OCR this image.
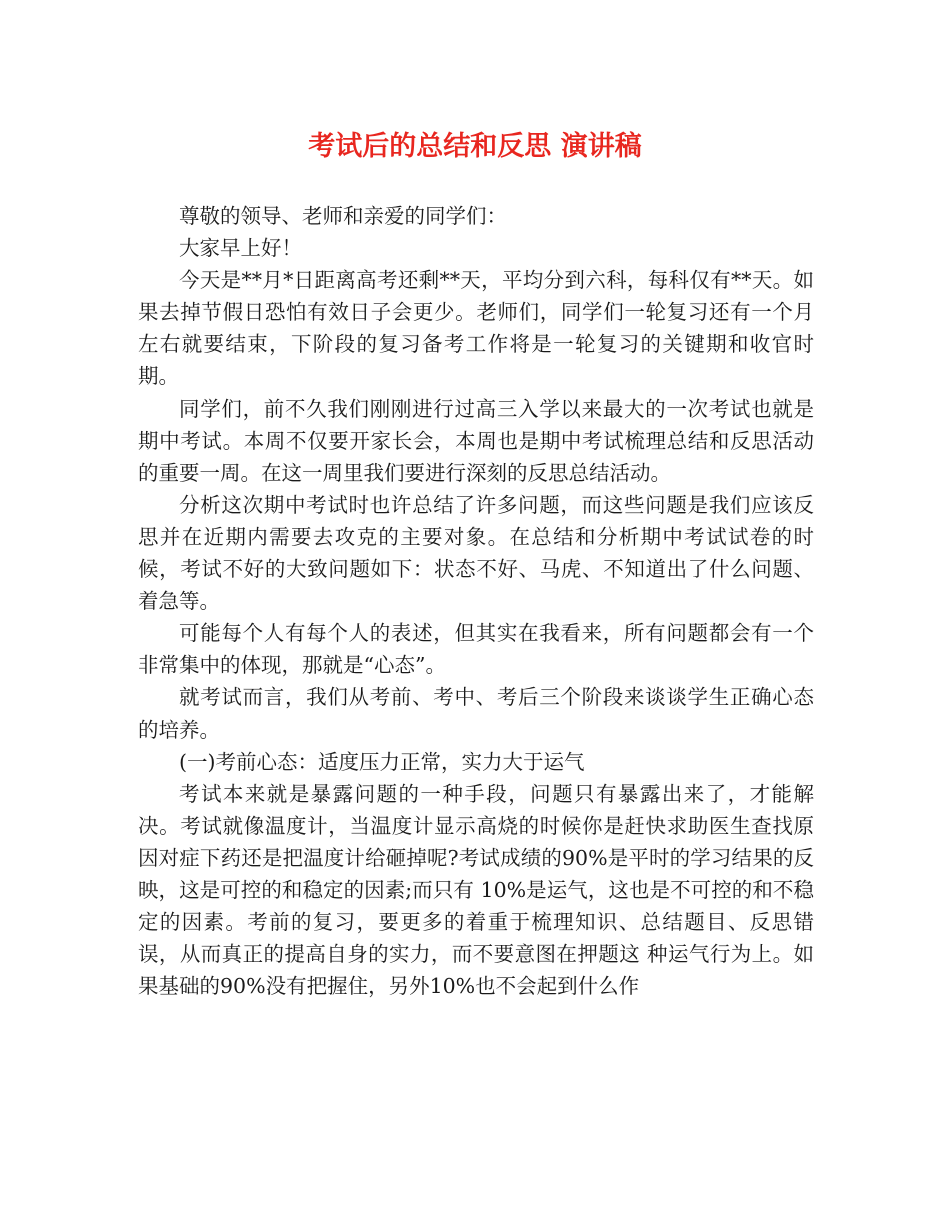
考试后的总结和反思 演讲稿

尊敬的领导、老师和亲爱的同学们：

大家早上好！

今天是**月*日距离高考还剩**天，平均分到六科，每科仅有**天。如果去掉节假日恐怕有效日子会更少。老师们，同学们一轮复习还有一个月左右就要结束，下阶段的复习备考工作将是一轮复习的关键期和收官时期。

同学们，前不久我们刚刚进行过高三入学以来最大的一次考试也就是期中考试。本周不仅要开家长会，本周也是期中考试梳理总结和反思活动的重要一周。在这一周里我们要进行深刻的反思总结活动。

分析这次期中考试时也许总结了许多问题，而这些问题是我们应该反思并在近期内需要去攻克的主要对象。在总结和分析期中考试试卷的时候，考试不好的大致问题如下：状态不好、马虎、不知道出了什么问题、着急等。

可能每个人有每个人的表述，但其实在我看来，所有问题都会有一个非常集中的体现，那就是“心态”。

就考试而言，我们从考前、考中、考后三个阶段来谈谈学生正确心态的培养。

(一)考前心态：适度压力正常，实力大于运气

考试本来就是暴露问题的一种手段，问题只有暴露出来了，才能解决。考试就像温度计，当温度计显示高烧的时候你是赶快求助医生查找原因对症下药还是把温度计给砸掉呢?考试成绩的90%是平时的学习结果的反映，这是可控的和稳定的因素;而只有 10%是运气，这也是不可控的和不稳定的因素。考前的复习，要更多的着重于梳理知识、总结题目、反思错误，从而真正的提高自身的实力，而不要意图在押题这 种运气行为上。如果基础的90%没有把握住，另外10%也不会起到什么作
